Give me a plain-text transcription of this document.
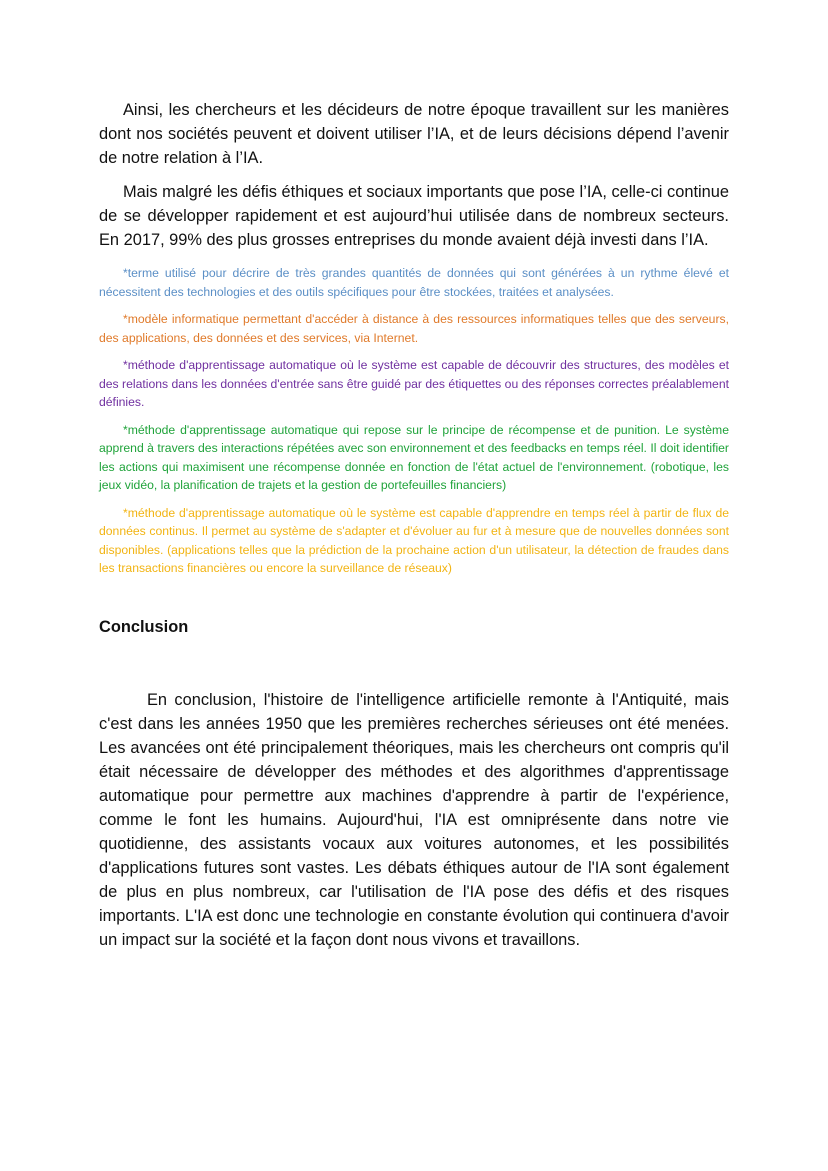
Ainsi, les chercheurs et les décideurs de notre époque travaillent sur les manières dont nos sociétés peuvent et doivent utiliser l’IA, et de leurs décisions dépend l’avenir de notre relation à l’IA.

Mais malgré les défis éthiques et sociaux importants que pose l’IA, celle-ci continue de se développer rapidement et est aujourd’hui utilisée dans de nombreux secteurs. En 2017, 99% des plus grosses entreprises du monde avaient déjà investi dans l’IA.

*terme utilisé pour décrire de très grandes quantités de données qui sont générées à un rythme élevé et nécessitent des technologies et des outils spécifiques pour être stockées, traitées et analysées.

*modèle informatique permettant d'accéder à distance à des ressources informatiques telles que des serveurs, des applications, des données et des services, via Internet.

*méthode d'apprentissage automatique où le système est capable de découvrir des structures, des modèles et des relations dans les données d'entrée sans être guidé par des étiquettes ou des réponses correctes préalablement définies.

*méthode d'apprentissage automatique qui repose sur le principe de récompense et de punition. Le système apprend à travers des interactions répétées avec son environnement et des feedbacks en temps réel. Il doit identifier les actions qui maximisent une récompense donnée en fonction de l'état actuel de l'environnement. (robotique, les jeux vidéo, la planification de trajets et la gestion de portefeuilles financiers)

*méthode d'apprentissage automatique où le système est capable d'apprendre en temps réel à partir de flux de données continus. Il permet au système de s'adapter et d'évoluer au fur et à mesure que de nouvelles données sont disponibles. (applications telles que la prédiction de la prochaine action d'un utilisateur, la détection de fraudes dans les transactions financières ou encore la surveillance de réseaux)

Conclusion

En conclusion, l'histoire de l'intelligence artificielle remonte à l'Antiquité, mais c'est dans les années 1950 que les premières recherches sérieuses ont été menées. Les avancées ont été principalement théoriques, mais les chercheurs ont compris qu'il était nécessaire de développer des méthodes et des algorithmes d'apprentissage automatique pour permettre aux machines d'apprendre à partir de l'expérience, comme le font les humains. Aujourd'hui, l'IA est omniprésente dans notre vie quotidienne, des assistants vocaux aux voitures autonomes, et les possibilités d'applications futures sont vastes. Les débats éthiques autour de l'IA sont également de plus en plus nombreux, car l'utilisation de l'IA pose des défis et des risques importants. L'IA est donc une technologie en constante évolution qui continuera d'avoir un impact sur la société et la façon dont nous vivons et travaillons.
